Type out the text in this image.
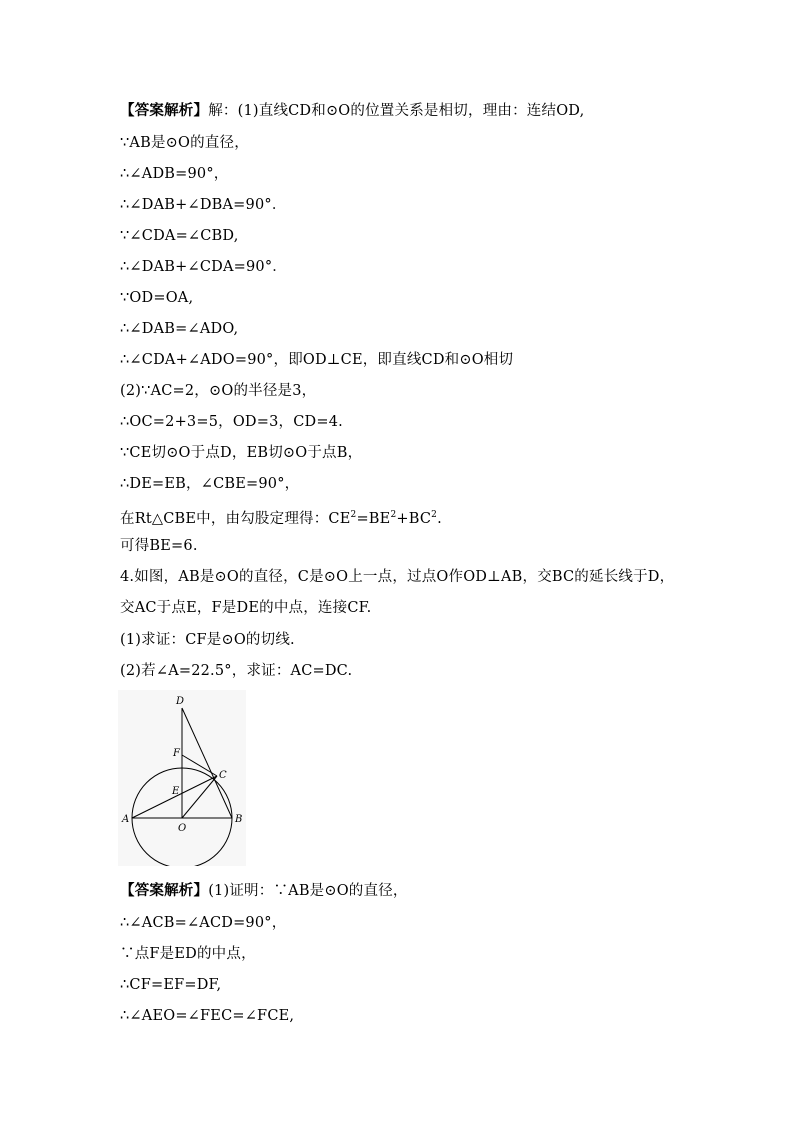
【答案解析】解：(1)直线CD和⊙O的位置关系是相切，理由：连结OD,
∵AB是⊙O的直径，
∴∠ADB=90°，
∴∠DAB+∠DBA=90°．
∵∠CDA=∠CBD,
∴∠DAB+∠CDA=90°．
∵OD=OA,
∴∠DAB=∠ADO,
∴∠CDA+∠ADO=90°，即OD⊥CE，即直线CD和⊙O相切
(2)∵AC=2，⊙O的半径是3，
∴OC=2+3=5，OD=3，CD=4.
∵CE切⊙O于点D，EB切⊙O于点B，
∴DE=EB，∠CBE=90°，
在Rt△CBE中，由勾股定理得：$CE^2=BE^2+BC^2$.
可得BE=6.
4.如图，AB是⊙O的直径，C是⊙O上一点，过点O作OD⊥AB，交BC的延长线于D，
交AC于点E，F是DE的中点，连接CF.
(1)求证：CF是⊙O的切线.
(2)若∠A=22.5°，求证：AC=DC.
D
F
C
E
A	B
O
【答案解析】(1)证明：∵AB是⊙O的直径，
∴∠ACB=∠ACD=90°，
∵点F是ED的中点，
∴CF=EF=DF,
∴∠AEO=∠FEC=∠FCE,
